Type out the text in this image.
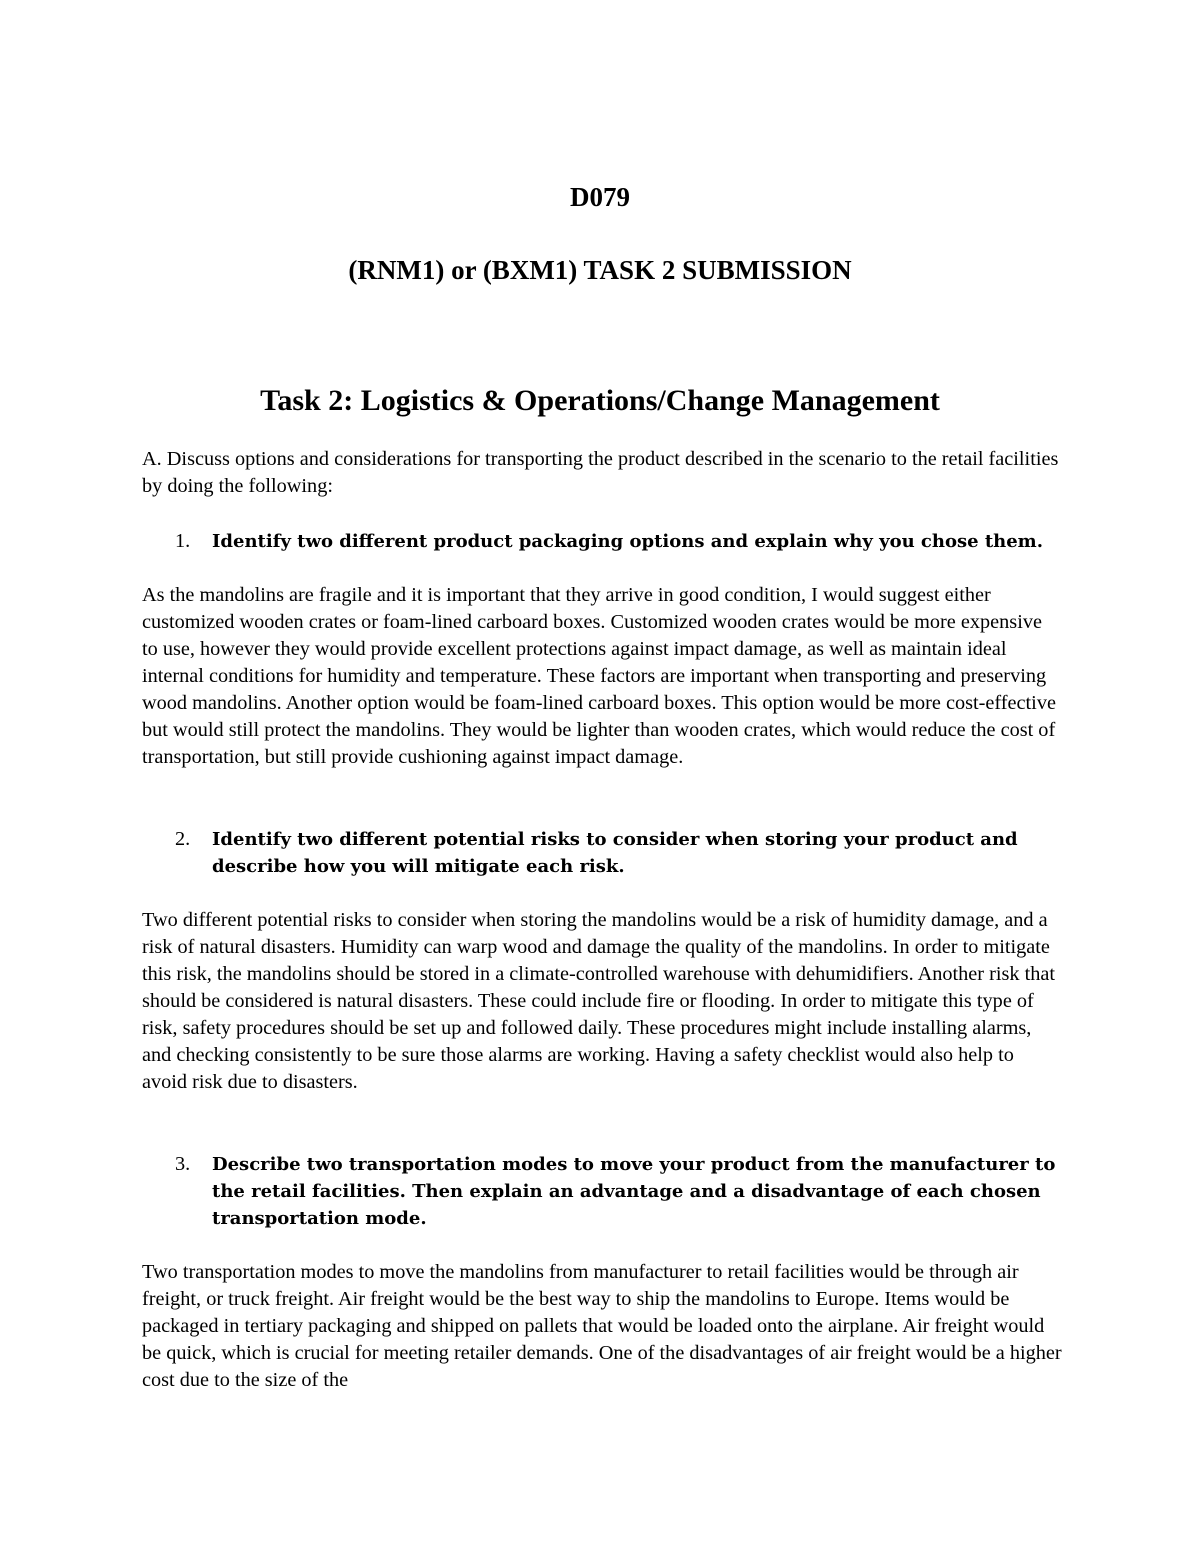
D079
(RNM1) or (BXM1) TASK 2 SUBMISSION
Task 2: Logistics & Operations/Change Management

A. Discuss options and considerations for transporting the product described in the scenario to the retail facilities by doing the following:

1. Identify two different product packaging options and explain why you chose them.

As the mandolins are fragile and it is important that they arrive in good condition, I would suggest either customized wooden crates or foam-lined carboard boxes. Customized wooden crates would be more expensive to use, however they would provide excellent protections against impact damage, as well as maintain ideal internal conditions for humidity and temperature. These factors are important when transporting and preserving wood mandolins. Another option would be foam-lined carboard boxes. This option would be more cost-effective but would still protect the mandolins. They would be lighter than wooden crates, which would reduce the cost of transportation, but still provide cushioning against impact damage.

2. Identify two different potential risks to consider when storing your product and describe how you will mitigate each risk.

Two different potential risks to consider when storing the mandolins would be a risk of humidity damage, and a risk of natural disasters. Humidity can warp wood and damage the quality of the mandolins. In order to mitigate this risk, the mandolins should be stored in a climate-controlled warehouse with dehumidifiers. Another risk that should be considered is natural disasters. These could include fire or flooding. In order to mitigate this type of risk, safety procedures should be set up and followed daily. These procedures might include installing alarms, and checking consistently to be sure those alarms are working. Having a safety checklist would also help to avoid risk due to disasters.

3. Describe two transportation modes to move your product from the manufacturer to the retail facilities. Then explain an advantage and a disadvantage of each chosen transportation mode.

Two transportation modes to move the mandolins from manufacturer to retail facilities would be through air freight, or truck freight. Air freight would be the best way to ship the mandolins to Europe. Items would be packaged in tertiary packaging and shipped on pallets that would be loaded onto the airplane. Air freight would be quick, which is crucial for meeting retailer demands. One of the disadvantages of air freight would be a higher cost due to the size of the
